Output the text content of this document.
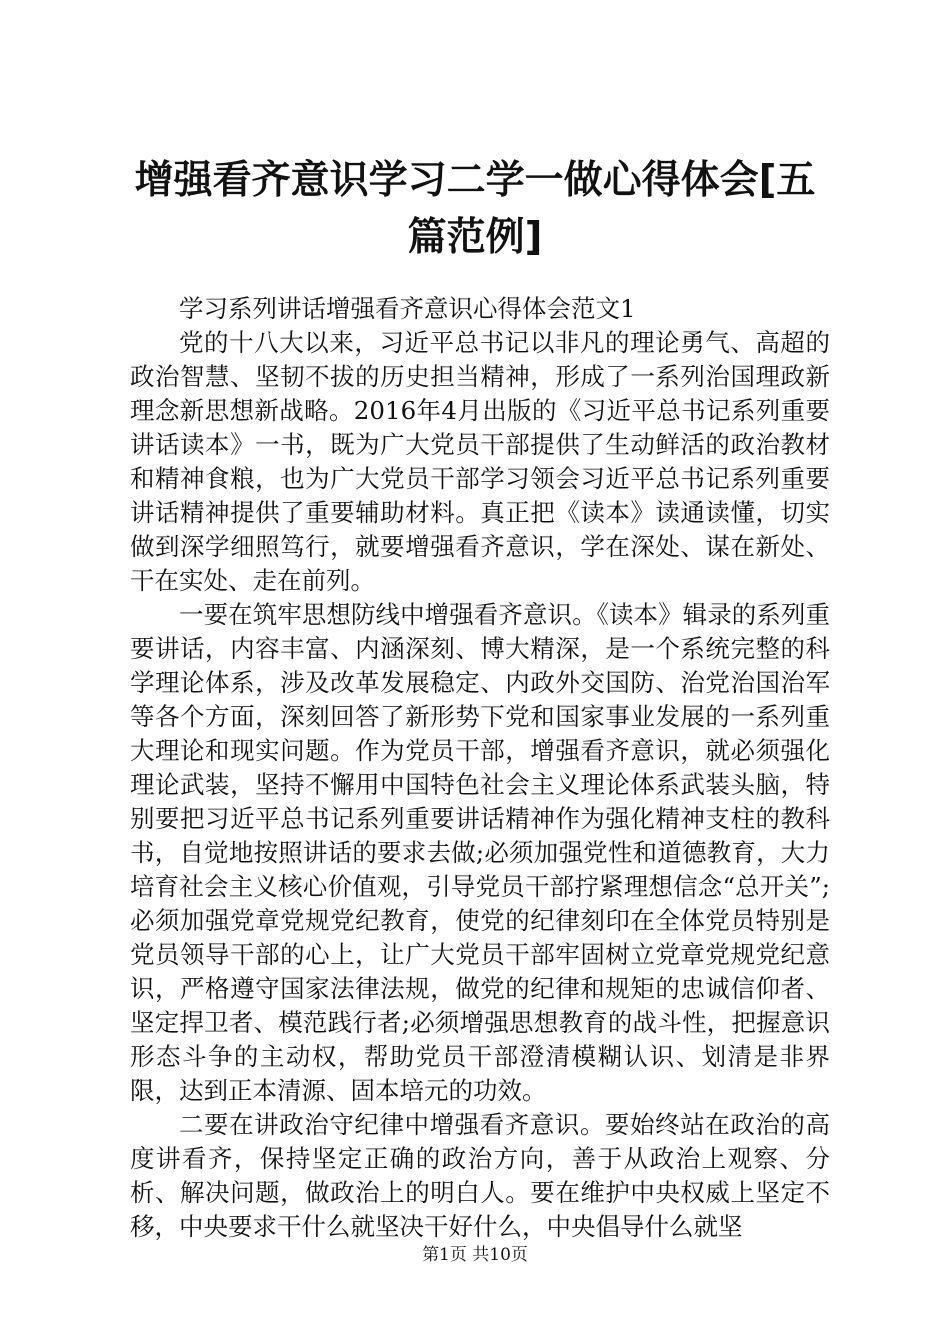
增强看齐意识学习二学一做心得体会[五篇范例]

学习系列讲话增强看齐意识心得体会范文1

党的十八大以来，习近平总书记以非凡的理论勇气、高超的政治智慧、坚韧不拔的历史担当精神，形成了一系列治国理政新理念新思想新战略。2016年4月出版的《习近平总书记系列重要讲话读本》一书，既为广大党员干部提供了生动鲜活的政治教材和精神食粮，也为广大党员干部学习领会习近平总书记系列重要讲话精神提供了重要辅助材料。真正把《读本》读通读懂，切实做到深学细照笃行，就要增强看齐意识，学在深处、谋在新处、干在实处、走在前列。

一要在筑牢思想防线中增强看齐意识。《读本》辑录的系列重要讲话，内容丰富、内涵深刻、博大精深，是一个系统完整的科学理论体系，涉及改革发展稳定、内政外交国防、治党治国治军等各个方面，深刻回答了新形势下党和国家事业发展的一系列重大理论和现实问题。作为党员干部，增强看齐意识，就必须强化理论武装，坚持不懈用中国特色社会主义理论体系武装头脑，特别要把习近平总书记系列重要讲话精神作为强化精神支柱的教科书，自觉地按照讲话的要求去做;必须加强党性和道德教育，大力培育社会主义核心价值观，引导党员干部拧紧理想信念“总开关”;必须加强党章党规党纪教育，使党的纪律刻印在全体党员特别是党员领导干部的心上，让广大党员干部牢固树立党章党规党纪意识，严格遵守国家法律法规，做党的纪律和规矩的忠诚信仰者、坚定捍卫者、模范践行者;必须增强思想教育的战斗性，把握意识形态斗争的主动权，帮助党员干部澄清模糊认识、划清是非界限，达到正本清源、固本培元的功效。

二要在讲政治守纪律中增强看齐意识。要始终站在政治的高度讲看齐，保持坚定正确的政治方向，善于从政治上观察、分析、解决问题，做政治上的明白人。要在维护中央权威上坚定不移，中央要求干什么就坚决干好什么，中央倡导什么就坚

第1页 共10页
